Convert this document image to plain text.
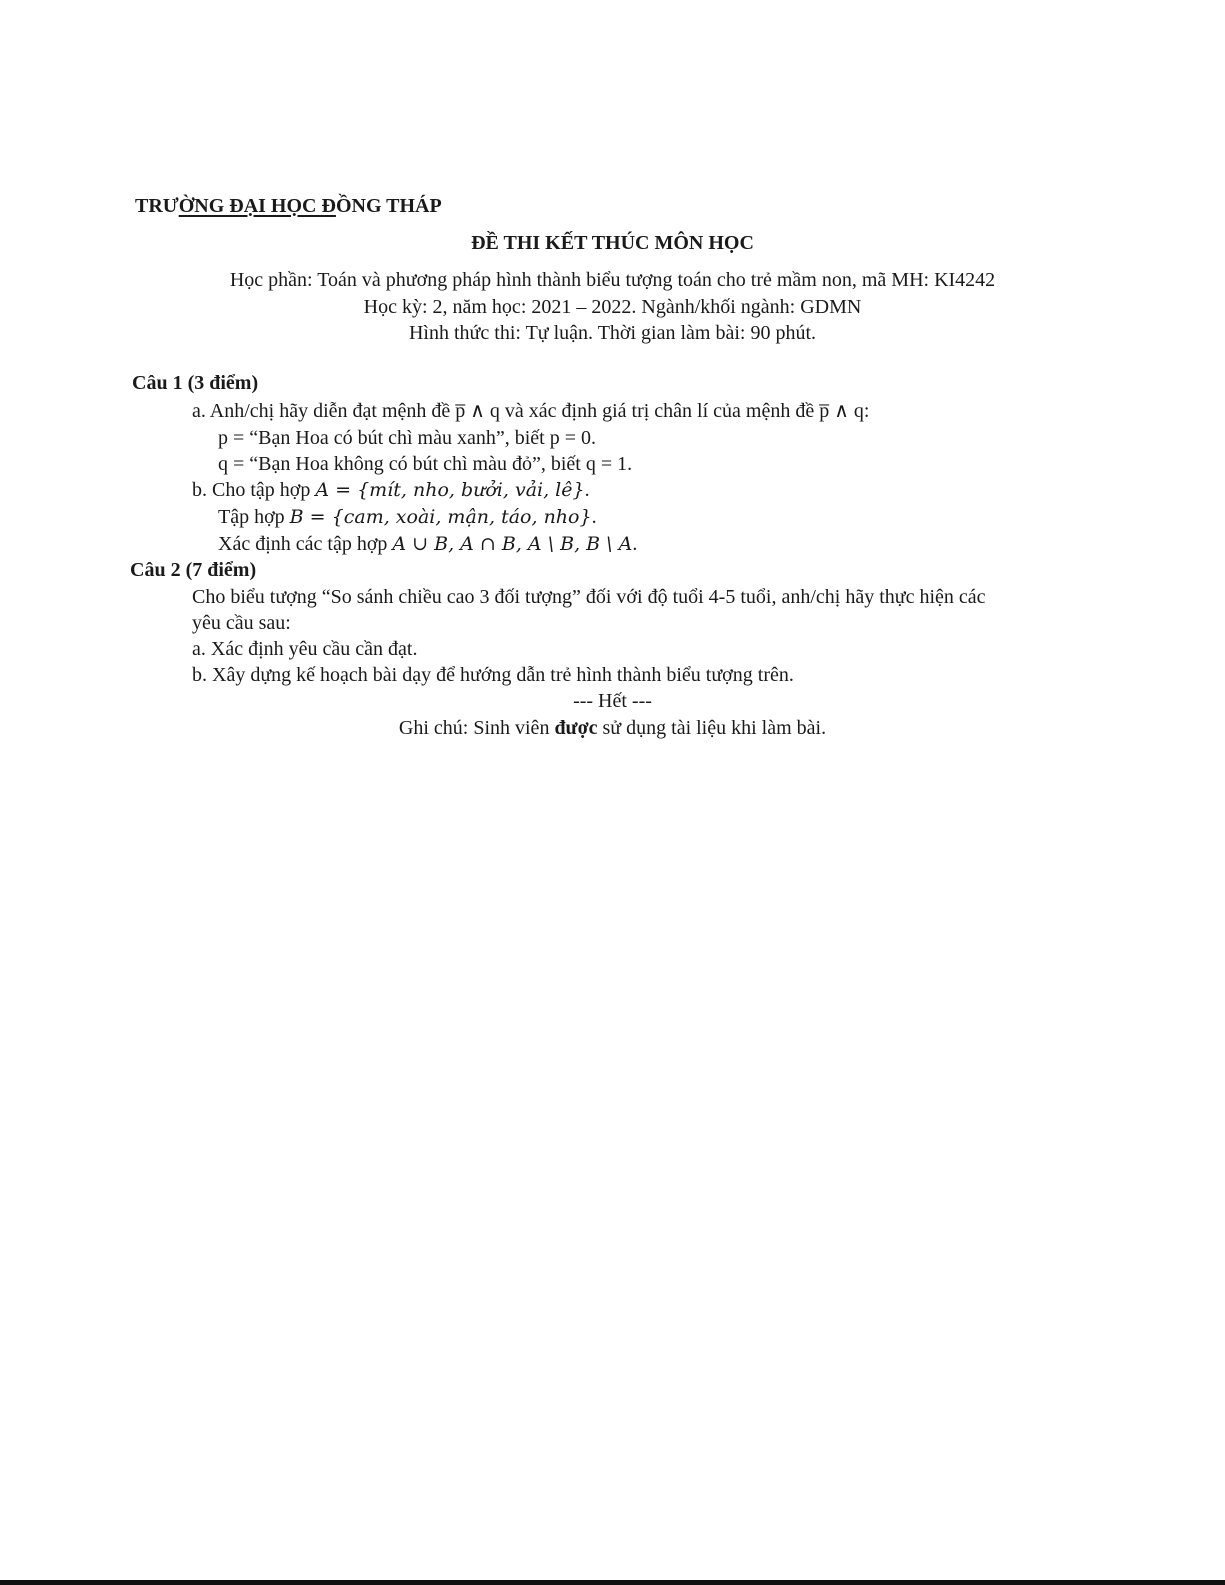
TRƯỜNG ĐẠI HỌC ĐỒNG THÁP
ĐỀ THI KẾT THÚC MÔN HỌC
Học phần: Toán và phương pháp hình thành biểu tượng toán cho trẻ mầm non, mã MH: KI4242
Học kỳ: 2, năm học: 2021 – 2022. Ngành/khối ngành: GDMN
Hình thức thi: Tự luận. Thời gian làm bài: 90 phút.
Câu 1 (3 điểm)
a. Anh/chị hãy diễn đạt mệnh đề p̅ ∧ q và xác định giá trị chân lí của mệnh đề p̅ ∧ q:
p = “Bạn Hoa có bút chì màu xanh”, biết p = 0.
q = “Bạn Hoa không có bút chì màu đỏ”, biết q = 1.
b. Cho tập hợp A = {mít, nho, bưởi, vải, lê}.
Tập hợp B = {cam, xoài, mận, táo, nho}.
Xác định các tập hợp A ∪ B, A ∩ B, A \ B, B \ A.
Câu 2 (7 điểm)
Cho biểu tượng “So sánh chiều cao 3 đối tượng” đối với độ tuổi 4-5 tuổi, anh/chị hãy thực hiện các
yêu cầu sau:
a. Xác định yêu cầu cần đạt.
b. Xây dựng kế hoạch bài dạy để hướng dẫn trẻ hình thành biểu tượng trên.
--- Hết ---
Ghi chú: Sinh viên được sử dụng tài liệu khi làm bài.
